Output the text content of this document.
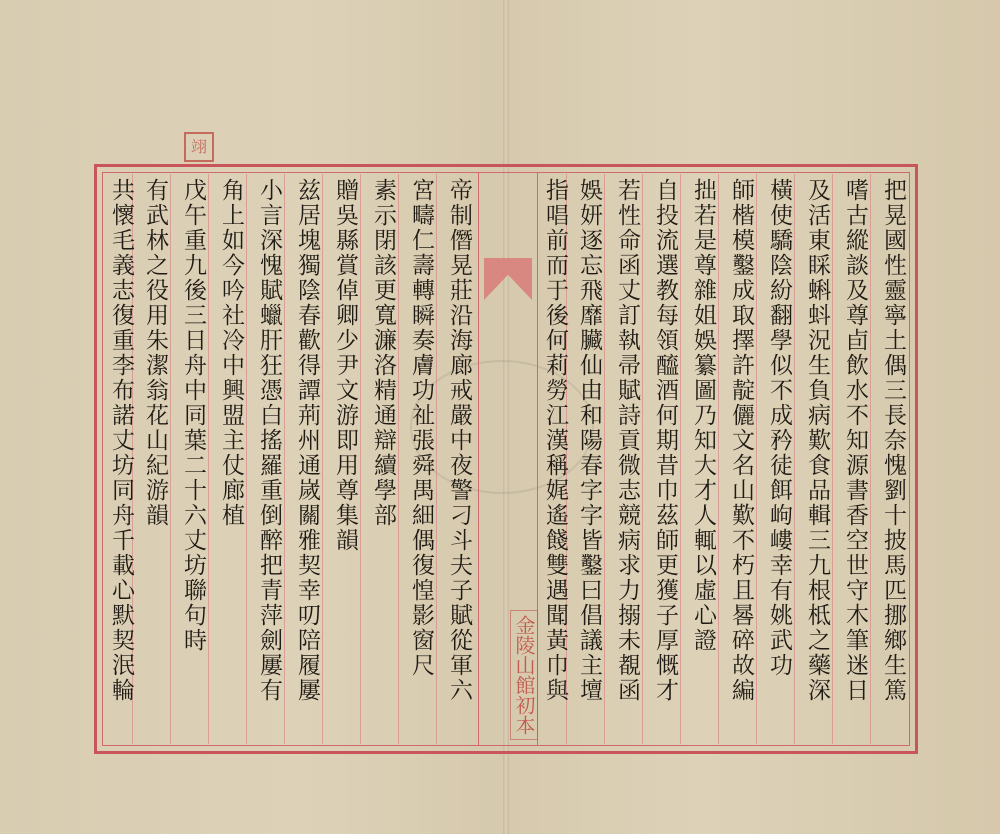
翊
金陵山館初本	把晃國性靈寧土偶三長奈愧劉十披馬匹挪鄉生篤
嗜古縱談及尊卣飲水不知源書香空世守木筆迷日
及活東睬蝌蚪況生負病歎食品輯三九根柢之藥深
橫使驕陰紛翻學似不成矜徒餌岣嶁幸有姚武功
師楷模鑿成取擇許靛儷文名山歎不朽且晷碎故編
拙若是尊雜姐娛纂圖乃知大才人輒以虛心證
自投流選教每領醯酒何期昔巾茲師更獲子厚慨才
若性命函丈訂執帚賦詩貢微志競病求力搦未覩函
娛妍逐忘飛靡臟仙由和陽春字字皆鑿曰倡議主壇
指唱前而于後何莉勞江漢稱娓遙餞雙遇聞黃巾與
帝制僭晃莊沿海廊戒嚴中夜警刁斗夫子賦從軍六
宮疇仁壽轉瞬奏膚功祉張舜禺細偶復惶影窗尺
素示閉該更寬濂洛精通辯續學部
贈吳縣賞倬卿少尹文游即用尊集韻
兹居塊獨陰春歡得譚荊州通嵗關雅契幸叨陪履屢
小言深愧賦蠟肝狂憑白搖羅重倒醉把青萍劍屢有
角上如今吟社冷中興盟主仗廊植
戊午重九後三日舟中同葉二十六丈坊聯句時
有武林之役用朱潔翁花山紀游韻
共懷毛義志復重李布諾丈坊同舟千載心默契泯輪
